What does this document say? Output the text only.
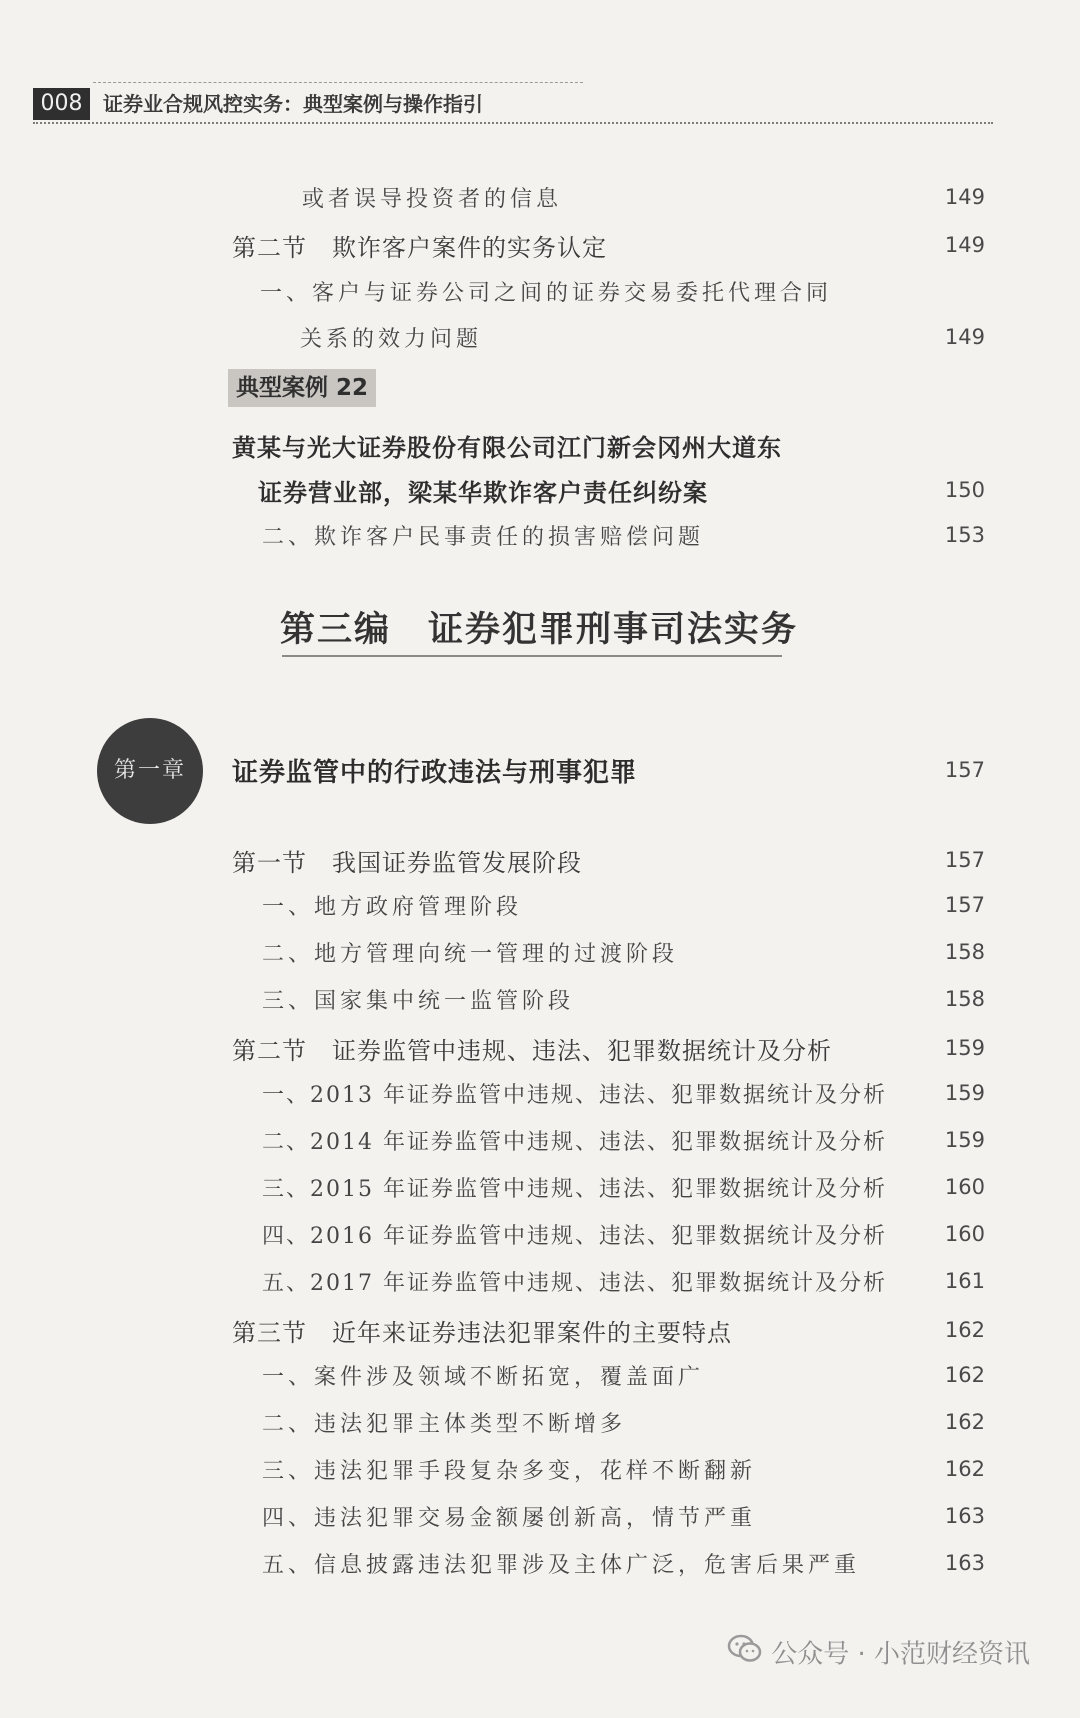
008	证券业合规风控实务：典型案例与操作指引
或者误导投资者的信息	149
第二节　欺诈客户案件的实务认定	149
一、客户与证券公司之间的证券交易委托代理合同
关系的效力问题	149
典型案例 22
黄某与光大证券股份有限公司江门新会冈州大道东
证券营业部，梁某华欺诈客户责任纠纷案	150
二、欺诈客户民事责任的损害赔偿问题	153
第三编　证券犯罪刑事司法实务
第一章	证券监管中的行政违法与刑事犯罪	157
第一节　我国证券监管发展阶段	157
一、地方政府管理阶段	157
二、地方管理向统一管理的过渡阶段	158
三、国家集中统一监管阶段	158
第二节　证券监管中违规、违法、犯罪数据统计及分析	159
一、2013 年证券监管中违规、违法、犯罪数据统计及分析	159
二、2014 年证券监管中违规、违法、犯罪数据统计及分析	159
三、2015 年证券监管中违规、违法、犯罪数据统计及分析	160
四、2016 年证券监管中违规、违法、犯罪数据统计及分析	160
五、2017 年证券监管中违规、违法、犯罪数据统计及分析	161
第三节　近年来证券违法犯罪案件的主要特点	162
一、案件涉及领域不断拓宽，覆盖面广	162
二、违法犯罪主体类型不断增多	162
三、违法犯罪手段复杂多变，花样不断翻新	162
四、违法犯罪交易金额屡创新高，情节严重	163
五、信息披露违法犯罪涉及主体广泛，危害后果严重	163
公众号 · 小范财经资讯
